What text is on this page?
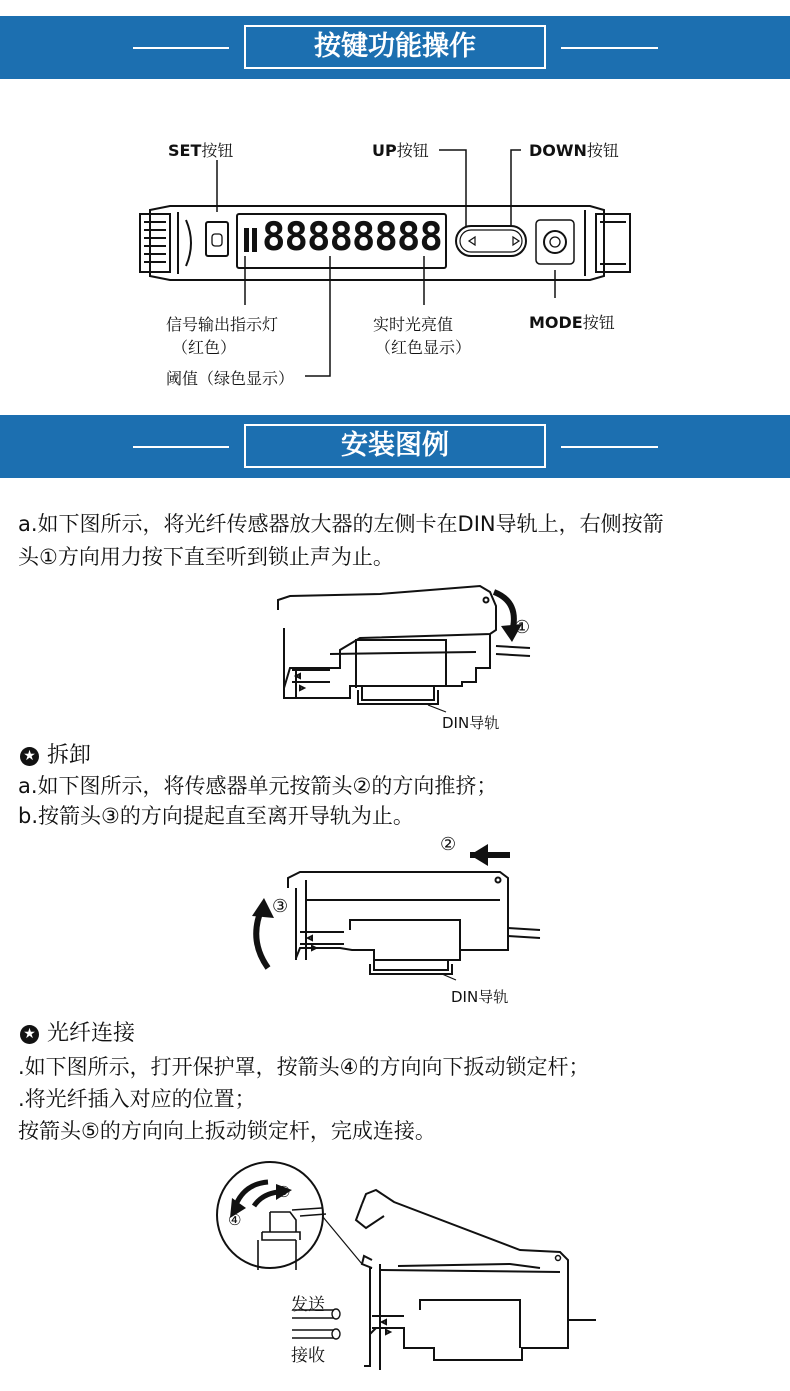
按键功能操作
88888888
SET按钮	UP按钮	DOWN按钮
MODE按钮
信号输出指示灯
（红色）
实时光亮值
（红色显示）
阈值（绿色显示）
安装图例
a.如下图所示，将光纤传感器放大器的左侧卡在DIN导轨上，右侧按箭
头①方向用力按下直至听到锁止声为止。
①
DIN导轨
★ 拆卸
a.如下图所示，将传感器单元按箭头②的方向推挤；
b.按箭头③的方向提起直至离开导轨为止。
②
③
DIN导轨
★ 光纤连接
.如下图所示，打开保护罩，按箭头④的方向向下扳动锁定杆；
.将光纤插入对应的位置；
按箭头⑤的方向向上扳动锁定杆，完成连接。
④
⑤
发送
接收
